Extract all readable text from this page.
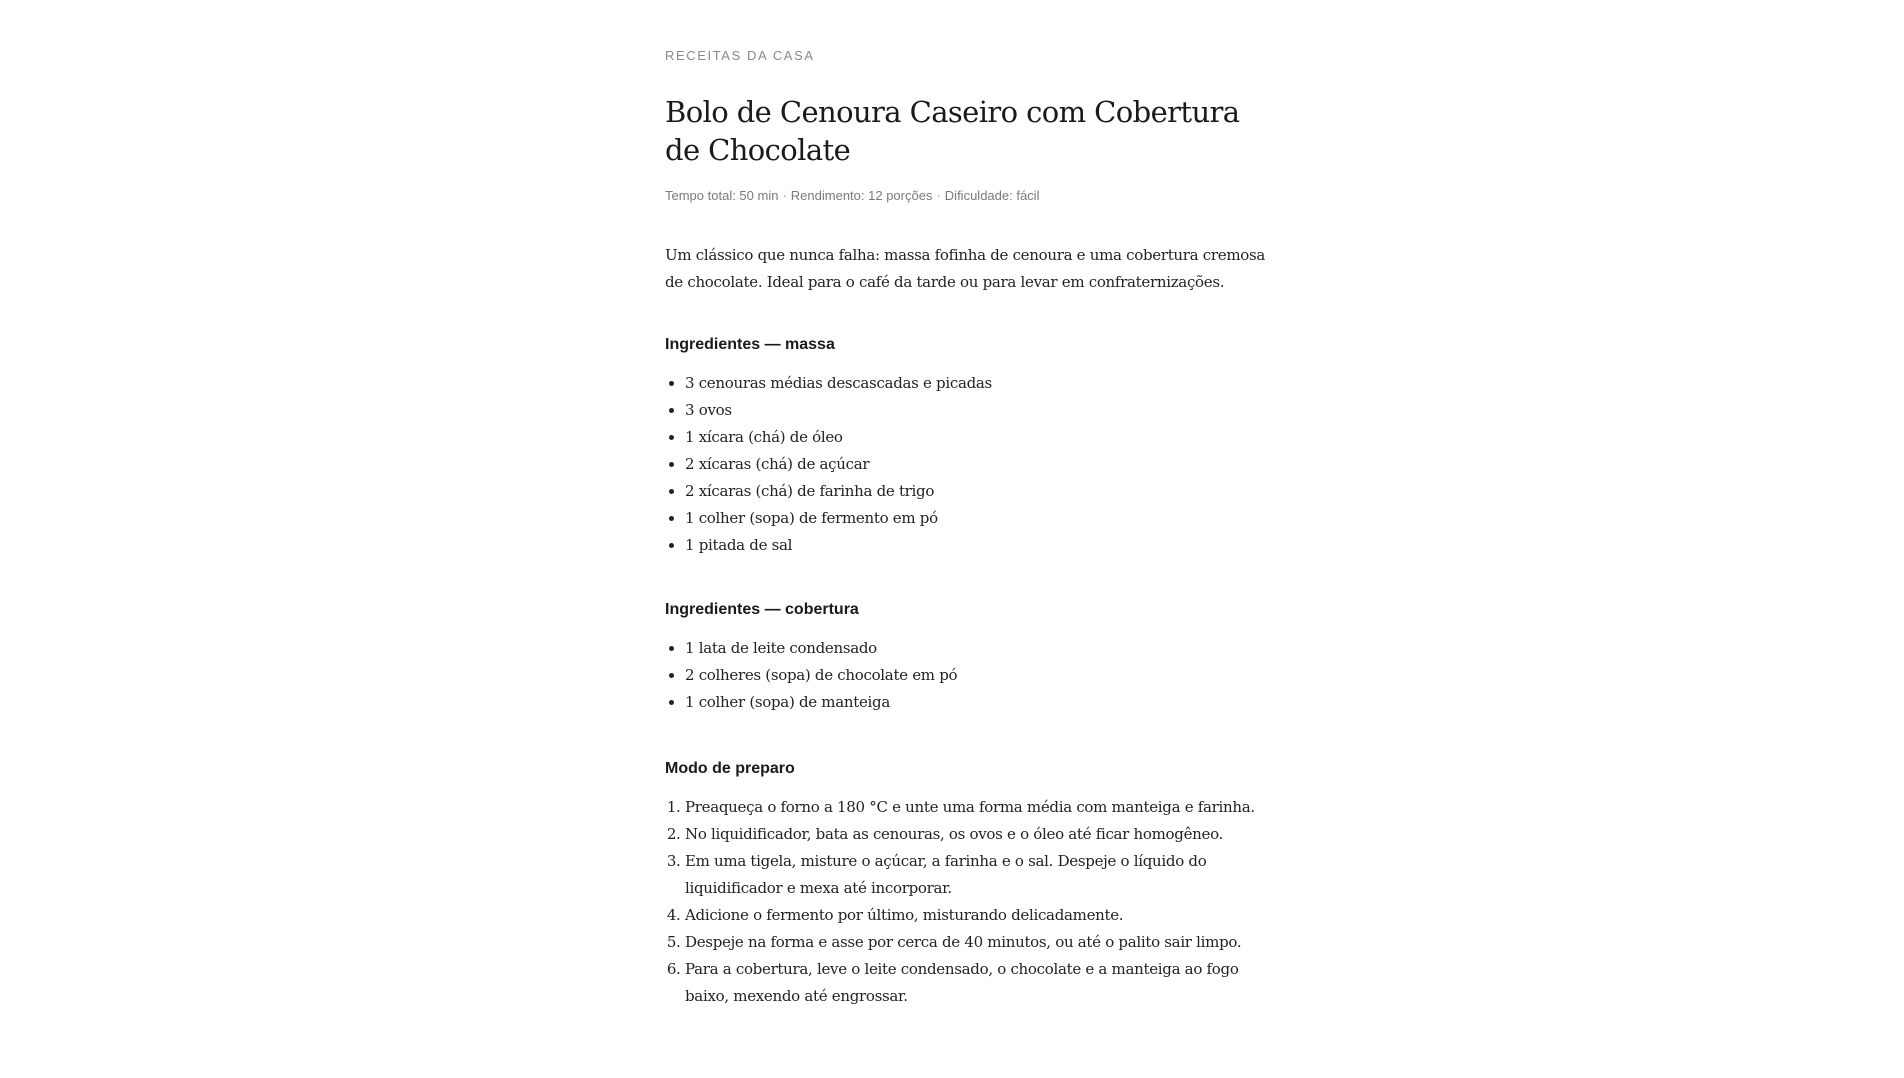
RECEITAS DA CASA

Bolo de Cenoura Caseiro com Cobertura de Chocolate

Tempo total: 50 min · Rendimento: 12 porções · Dificuldade: fácil

Um clássico que nunca falha: massa fofinha de cenoura e uma cobertura cremosa de chocolate. Ideal para o café da tarde ou para levar em confraternizações.

Ingredientes — massa
• 3 cenouras médias descascadas e picadas
• 3 ovos
• 1 xícara (chá) de óleo
• 2 xícaras (chá) de açúcar
• 2 xícaras (chá) de farinha de trigo
• 1 colher (sopa) de fermento em pó
• 1 pitada de sal
Ingredientes — cobertura
• 1 lata de leite condensado
• 2 colheres (sopa) de chocolate em pó
• 1 colher (sopa) de manteiga
Modo de preparo
1. Preaqueça o forno a 180 °C e unte uma forma média com manteiga e farinha.
2. No liquidificador, bata as cenouras, os ovos e o óleo até ficar homogêneo.
3. Em uma tigela, misture o açúcar, a farinha e o sal. Despeje o líquido do liquidificador e mexa até incorporar.
4. Adicione o fermento por último, misturando delicadamente.
5. Despeje na forma e asse por cerca de 40 minutos, ou até o palito sair limpo.
6. Para a cobertura, leve o leite condensado, o chocolate e a manteiga ao fogo baixo, mexendo até engrossar.
